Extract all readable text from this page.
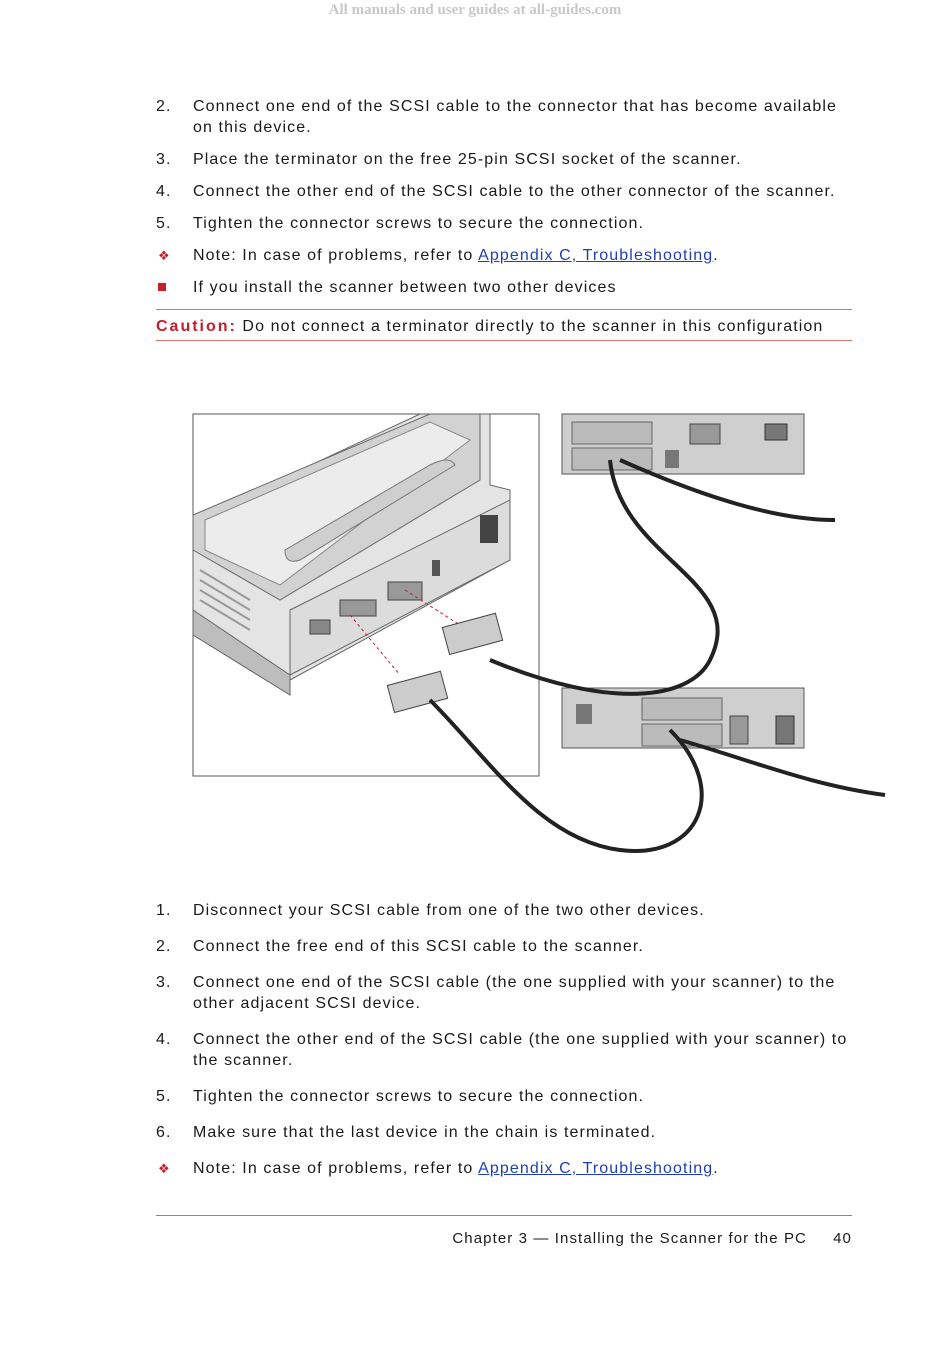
All manuals and user guides at all-guides.com
2. Connect one end of the SCSI cable to the connector that has become available on this device.
3. Place the terminator on the free 25-pin SCSI socket of the scanner.
4. Connect the other end of the SCSI cable to the other connector of the scanner.
5. Tighten the connector screws to secure the connection.
❖ Note: In case of problems, refer to Appendix C, Troubleshooting.
If you install the scanner between two other devices
Caution: Do not connect a terminator directly to the scanner in this configuration
1. Disconnect your SCSI cable from one of the two other devices.
2. Connect the free end of this SCSI cable to the scanner.
3. Connect one end of the SCSI cable (the one supplied with your scanner) to the other adjacent SCSI device.
4. Connect the other end of the SCSI cable (the one supplied with your scanner) to the scanner.
5. Tighten the connector screws to secure the connection.
6. Make sure that the last device in the chain is terminated.
❖ Note: In case of problems, refer to Appendix C, Troubleshooting.
Chapter 3 — Installing the Scanner for the PC 40
